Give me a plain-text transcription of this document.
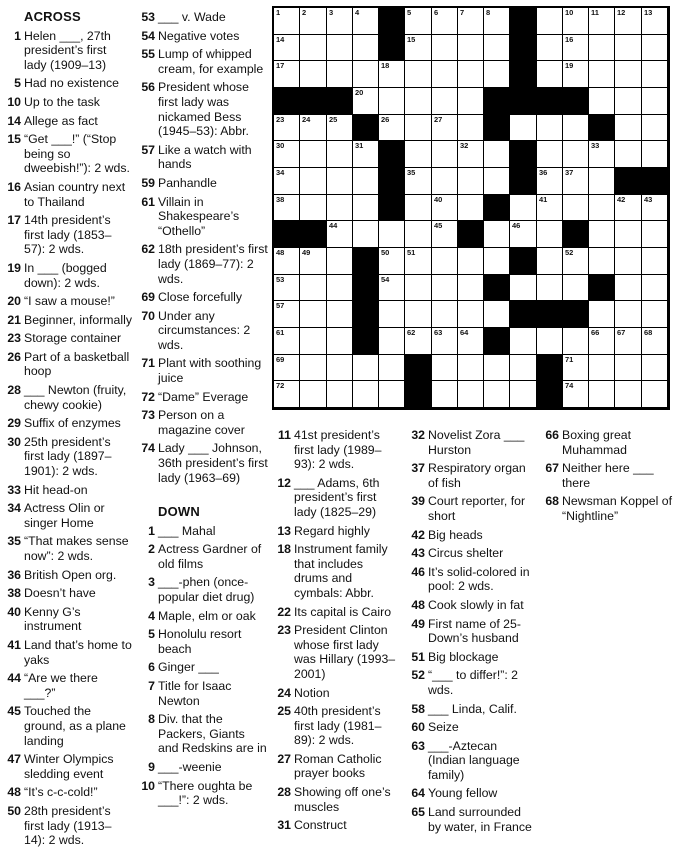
1	2	3	4	5	6	7	8	10 11 12 13
14	15	16
17	18	19
20
23 24 25	26	27
30	31	32	33
34	35	36 37
38	40	41	42 43
44	45	46
48 49	50 51	52
53	54
57
61	62 63 64	66 67 68
69	71
72	74
ACROSS
1 Helen ___, 27th president’s first lady (1909–13)
5 Had no existence
10 Up to the task
14 Allege as fact
15 “Get ___!” (“Stop being so dweebish!”): 2 wds.
16 Asian country next to Thailand
17 14th president’s first lady (1853–57): 2 wds.
19 In ___ (bogged down): 2 wds.
20 “I saw a mouse!”
21 Beginner, informally
23 Storage container
26 Part of a basketball hoop
28 ___ Newton (fruity, chewy cookie)
29 Suffix of enzymes
30 25th president’s first lady (1897–1901): 2 wds.
33 Hit head-on
34 Actress Olin or singer Home
35 “That makes sense now”: 2 wds.
36 British Open org.
38 Doesn’t have
40 Kenny G’s instrument
41 Land that’s home to yaks
44 “Are we there ___?”
45 Touched the ground, as a plane landing
47 Winter Olympics sledding event
48 “It’s c-c-cold!”
50 28th president’s first lady (1913–14): 2 wds.
53 ___ v. Wade
54 Negative votes
55 Lump of whipped cream, for example
56 President whose first lady was nickamed Bess (1945–53): Abbr.
57 Like a watch with hands
59 Panhandle
61 Villain in Shakespeare’s “Othello”
62 18th president’s first lady (1869–77): 2 wds.
69 Close forcefully
70 Under any circumstances: 2 wds.
71 Plant with soothing juice
72 “Dame” Everage
73 Person on a magazine cover
74 Lady ___ Johnson, 36th president’s first lady (1963–69)
DOWN
1 ___ Mahal
2 Actress Gardner of old films
3 ___-phen (once-popular diet drug)
4 Maple, elm or oak
5 Honolulu resort beach
6 Ginger ___
7 Title for Isaac Newton
8 Div. that the Packers, Giants and Redskins are in
9 ___-weenie
10 “There oughta be ___!”: 2 wds.
11 41st president’s first lady (1989–93): 2 wds.
12 ___ Adams, 6th president’s first lady (1825–29)
13 Regard highly
18 Instrument family that includes drums and cymbals: Abbr.
22 Its capital is Cairo
23 President Clinton whose first lady was Hillary (1993–2001)
24 Notion
25 40th president’s first lady (1981–89): 2 wds.
27 Roman Catholic prayer books
28 Showing off one’s muscles
31 Construct
32 Novelist Zora ___ Hurston
37 Respiratory organ of fish
39 Court reporter, for short
42 Big heads
43 Circus shelter
46 It’s solid-colored in pool: 2 wds.
48 Cook slowly in fat
49 First name of 25-Down’s husband
51 Big blockage
52 “___ to differ!”: 2 wds.
58 ___ Linda, Calif.
60 Seize
63 ___-Aztecan (Indian language family)
64 Young fellow
65 Land surrounded by water, in France
66 Boxing great Muhammad
67 Neither here ___ there
68 Newsman Koppel of “Nightline”
